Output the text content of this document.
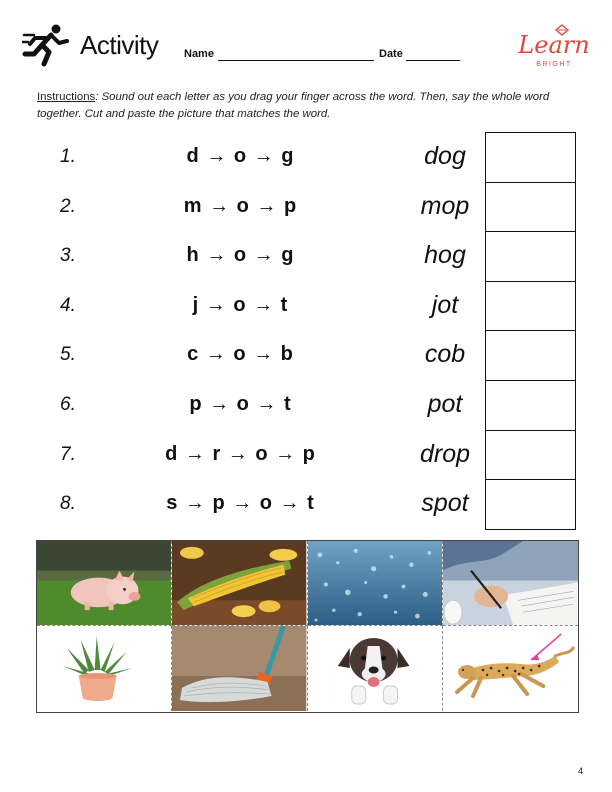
Activity Name	Date	Learn
BRIGHT
Instructions: Sound out each letter as you drag your finger across the word. Then, say the whole word together. Cut and paste the picture that matches the word.
1.	d → o → g	dog
2.	m → o → p	mop
3.	h → o → g	hog
4.	j → o → t	jot
5.	c → o → b	cob
6.	p → o → t	pot
7.	d → r → o → p	drop
8.	s → p → o → t	spot
4
